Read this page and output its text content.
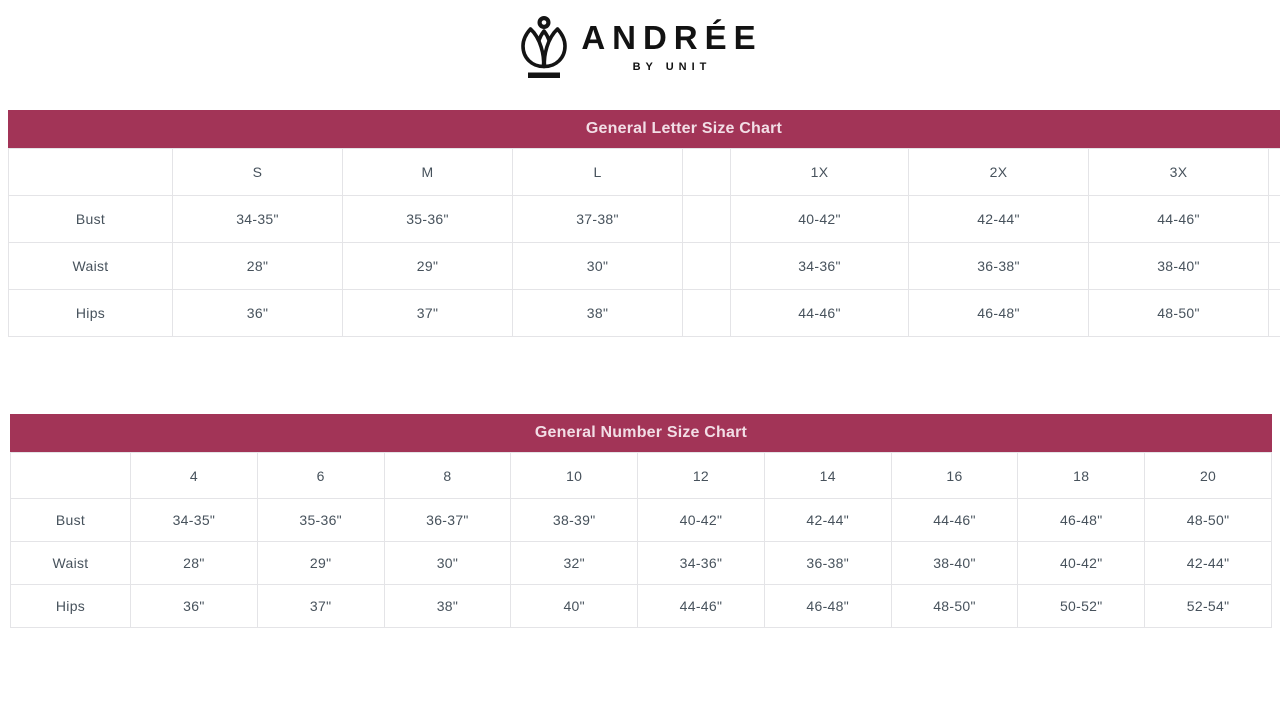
ANDRÉE
BY UNIT
General Letter Size Chart
	S	M	L		1X	2X	3X	
Bust	34-35"	35-36"	37-38"		40-42"	42-44"	44-46"	
Waist	28"	29"	30"		34-36"	36-38"	38-40"	
Hips	36"	37"	38"		44-46"	46-48"	48-50"	
General Number Size Chart
	4	6	8	10	12	14	16	18	20
Bust	34-35"	35-36"	36-37"	38-39"	40-42"	42-44"	44-46"	46-48"	48-50"
Waist	28"	29"	30"	32"	34-36"	36-38"	38-40"	40-42"	42-44"
Hips	36"	37"	38"	40"	44-46"	46-48"	48-50"	50-52"	52-54"
